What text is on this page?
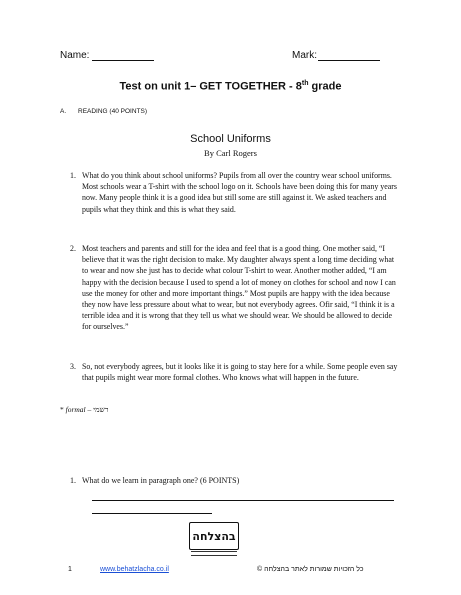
Name:	Mark:
Test on unit 1– GET TOGETHER - 8th grade
A. READING (40 POINTS)
School Uniforms
By Carl Rogers
1. What do you think about school uniforms? Pupils from all over the country wear school uniforms. Most schools wear a T-shirt with the school logo on it. Schools have been doing this for many years now. Many people think it is a good idea but still some are still against it. We asked teachers and pupils what they think and this is what they said.
2. Most teachers and parents and still for the idea and feel that is a good thing. One mother said, “I believe that it was the right decision to make. My daughter always spent a long time deciding what to wear and now she just has to decide what colour T-shirt to wear. Another mother added, “I am happy with the decision because I used to spend a lot of money on clothes for school and now I can use the money for other and more important things.” Most pupils are happy with the idea because they now have less pressure about what to wear, but not everybody agrees. Ofir said, “I think it is a terrible idea and it is wrong that they tell us what we should wear. We should be allowed to decide for ourselves.”
3. So, not everybody agrees, but it looks like it is going to stay here for a while. Some people even say that pupils might wear more formal clothes. Who knows what will happen in the future.
* formal – רשמי
1. What do we learn in paragraph one? (6 POINTS)
בהצלחה
1	www.behatzlacha.co.il	כל הזכויות שמורות לאתר בהצלחה ©
